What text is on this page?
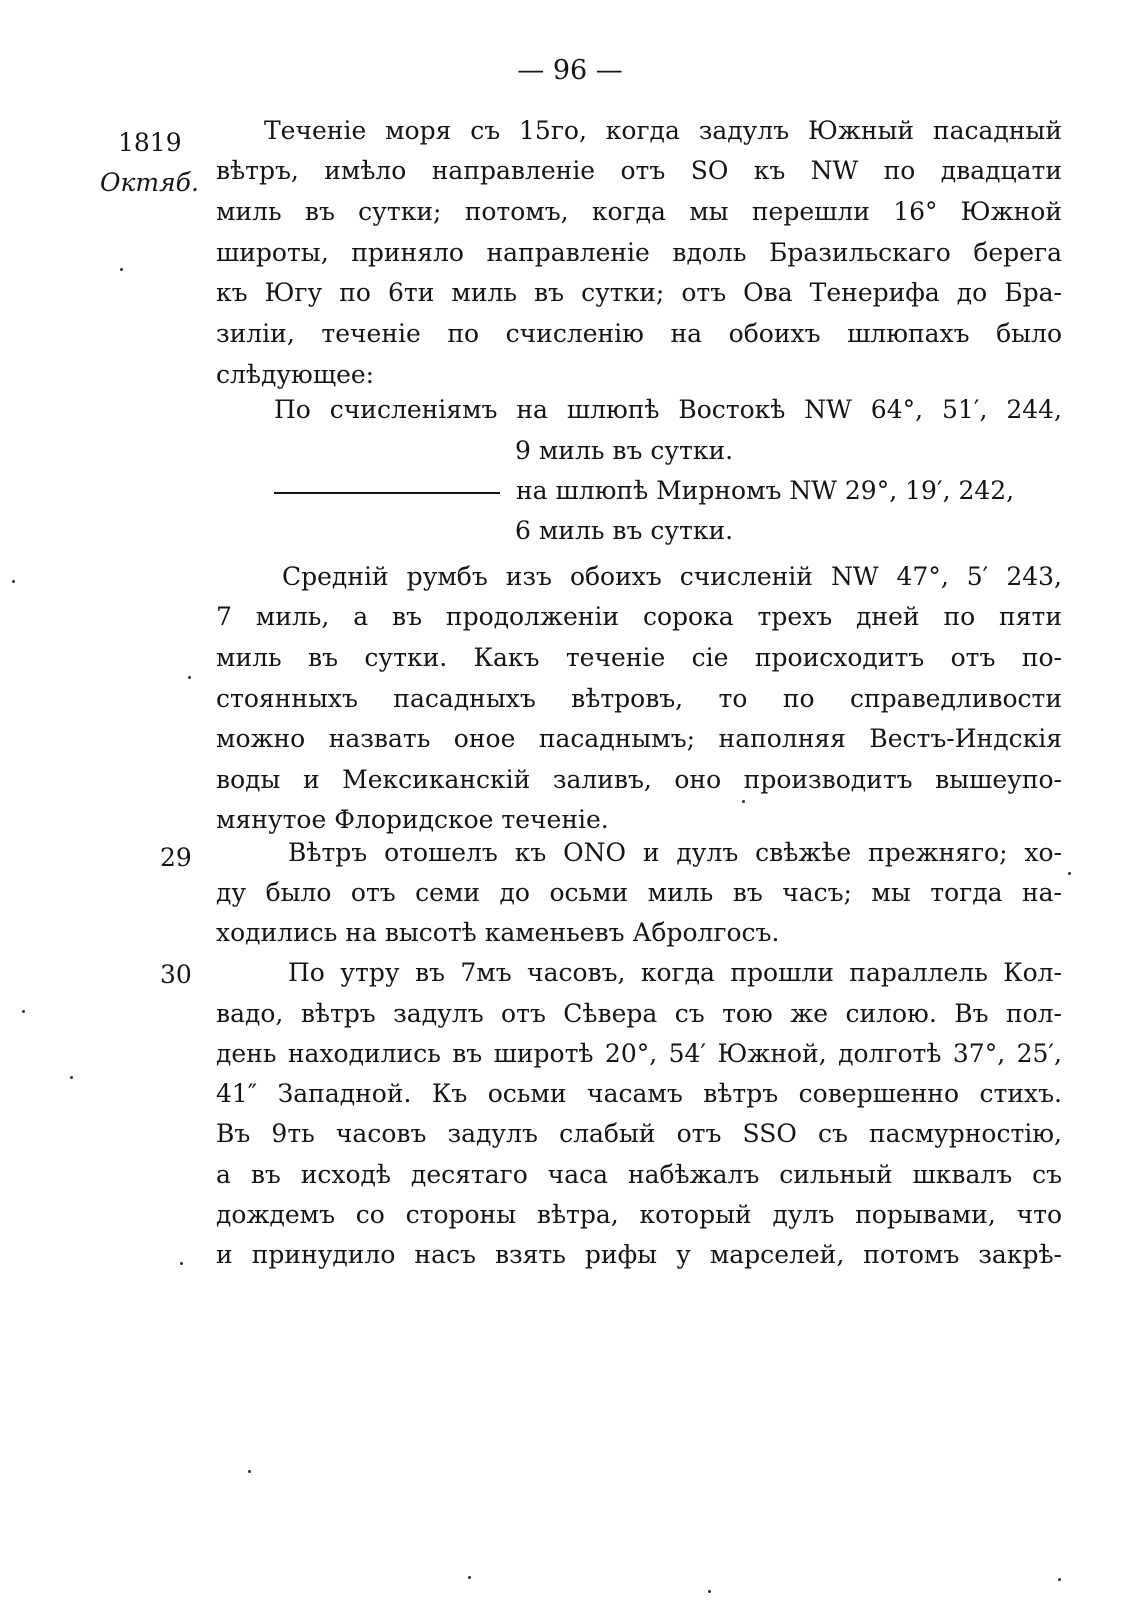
— 96 —
1819
Октяб.
29
30
Теченіе моря съ 15го, когда задулъ Южный пасадный
вѣтръ, имѣло направленіе отъ SO къ NW по двадцати
миль въ сутки; потомъ, когда мы перешли 16° Южной
широты, приняло направленіе вдоль Бразильскаго берега
къ Югу по 6ти миль въ сутки; отъ Ова Тенерифа до Бра-
зиліи, теченіе по счисленію на обоихъ шлюпахъ было
слѣдующее:
По счисленіямъ на шлюпѣ Востокѣ NW 64°, 51′, 244,
9 миль въ сутки.
на шлюпѣ Мирномъ NW 29°, 19′, 242,
6 миль въ сутки.
Средній румбъ изъ обоихъ счисленій NW 47°, 5′ 243,
7 миль, а въ продолженіи сорока трехъ дней по пяти
миль въ сутки. Какъ теченіе сіе происходитъ отъ по-
стоянныхъ пасадныхъ вѣтровъ, то по справедливости
можно назвать оное пасаднымъ; наполняя Вестъ-Индскія
воды и Мексиканскій заливъ, оно производитъ вышеупо-
мянутое Флоридское теченіе.
Вѣтръ отошелъ къ ONO и дулъ свѣжѣе прежняго; хо-
ду было отъ семи до осьми миль въ часъ; мы тогда на-
ходились на высотѣ каменьевъ Абролгосъ.
По утру въ 7мъ часовъ, когда прошли параллель Кол-
вадо, вѣтръ задулъ отъ Сѣвера съ тою же силою. Въ пол-
день находились въ широтѣ 20°, 54′ Южной, долготѣ 37°, 25′,
41″ Западной. Къ осьми часамъ вѣтръ совершенно стихъ.
Въ 9ть часовъ задулъ слабый отъ SSO съ пасмурностію,
а въ исходѣ десятаго часа набѣжалъ сильный шквалъ съ
дождемъ со стороны вѣтра, который дулъ порывами, что
и принудило насъ взять рифы у марселей, потомъ закрѣ-
